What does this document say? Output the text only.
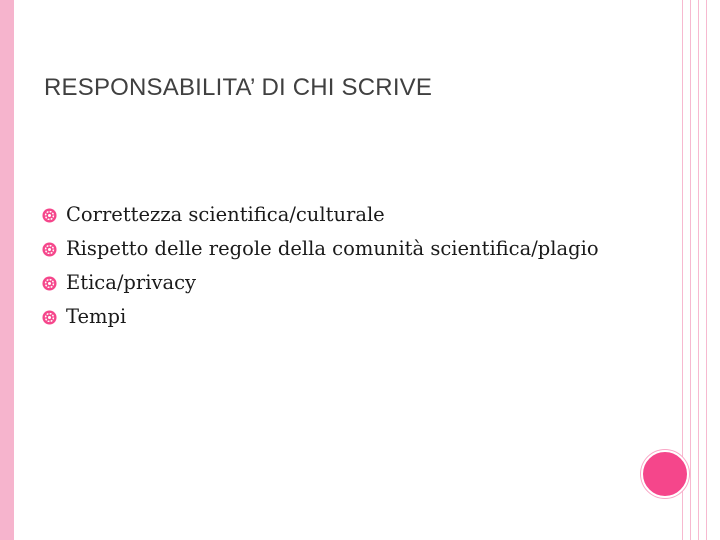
RESPONSABILITA’ DI CHI SCRIVE
Correttezza scientifica/culturale
Rispetto delle regole della comunità scientifica/plagio
Etica/privacy
Tempi
